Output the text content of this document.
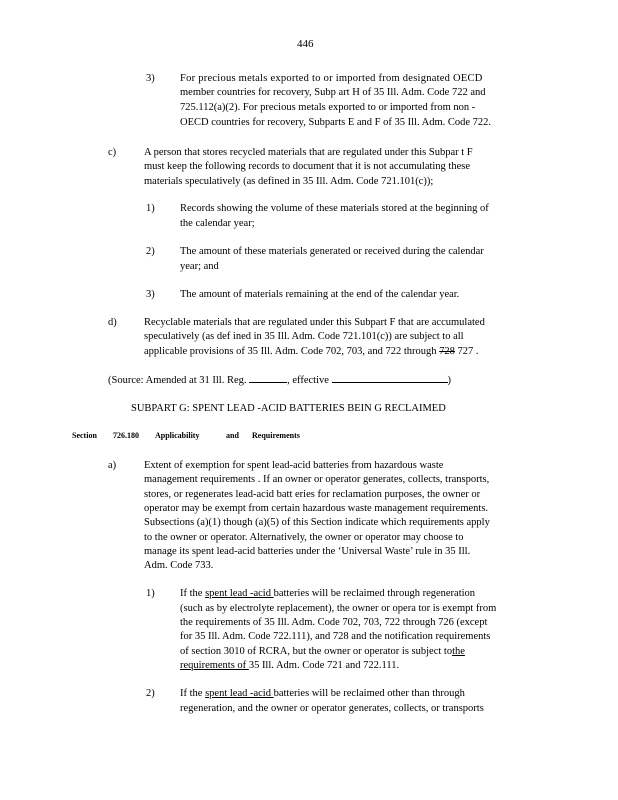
446
3) For precious metals exported to or imported from designated OECD
member countries for recovery, Subp art H of 35 Ill. Adm. Code 722 and
725.112(a)(2). For precious metals exported to or imported from non -
OECD countries for recovery, Subparts E and F of 35 Ill. Adm. Code 722.
c)	A person that stores recycled materials that are regulated under this Subpar t F
must keep the following records to document that it is not accumulating these
materials speculatively (as defined in 35 Ill. Adm. Code 721.101(c));
1) Records showing the volume of these materials stored at the beginning of
the calendar year;
2) The amount of these materials generated or received during the calendar
year; and
3) The amount of materials remaining at the end of the calendar year.
d)	Recyclable materials that are regulated under this Subpart F that are accumulated
speculatively (as def ined in 35 Ill. Adm. Code 721.101(c)) are subject to all
applicable provisions of 35 Ill. Adm. Code 702, 703, and 722 through 728 727 .
(Source: Amended at 31 Ill. Reg.	, effective	)
SUBPART G: SPENT LEAD -ACID BATTERIES BEIN G RECLAIMED
Section 726.180 Applicability	and Requirements
a)	Extent of exemption for spent lead-acid batteries from hazardous waste
management requirements . If an owner or operator generates, collects, transports,
stores, or regenerates lead-acid batt eries for reclamation purposes, the owner or
operator may be exempt from certain hazardous waste management requirements.
Subsections (a)(1) though (a)(5) of this Section indicate which requirements apply
to the owner or operator. Alternatively, the owner or operator may choose to
manage its spent lead-acid batteries under the ‘Universal Waste’ rule in 35 Ill.
Adm. Code 733.
1) If the spent lead -acid batteries will be reclaimed through regeneration
(such as by electrolyte replacement), the owner or opera tor is exempt from
the requirements of 35 Ill. Adm. Code 702, 703, 722 through 726 (except
for 35 Ill. Adm. Code 722.111), and 728 and the notification requirements
of section 3010 of RCRA, but the owner or operator is subject tothe
requirements of 35 Ill. Adm. Code 721 and 722.111.
2) If the spent lead -acid batteries will be reclaimed other than through
regeneration, and the owner or operator generates, collects, or transports
